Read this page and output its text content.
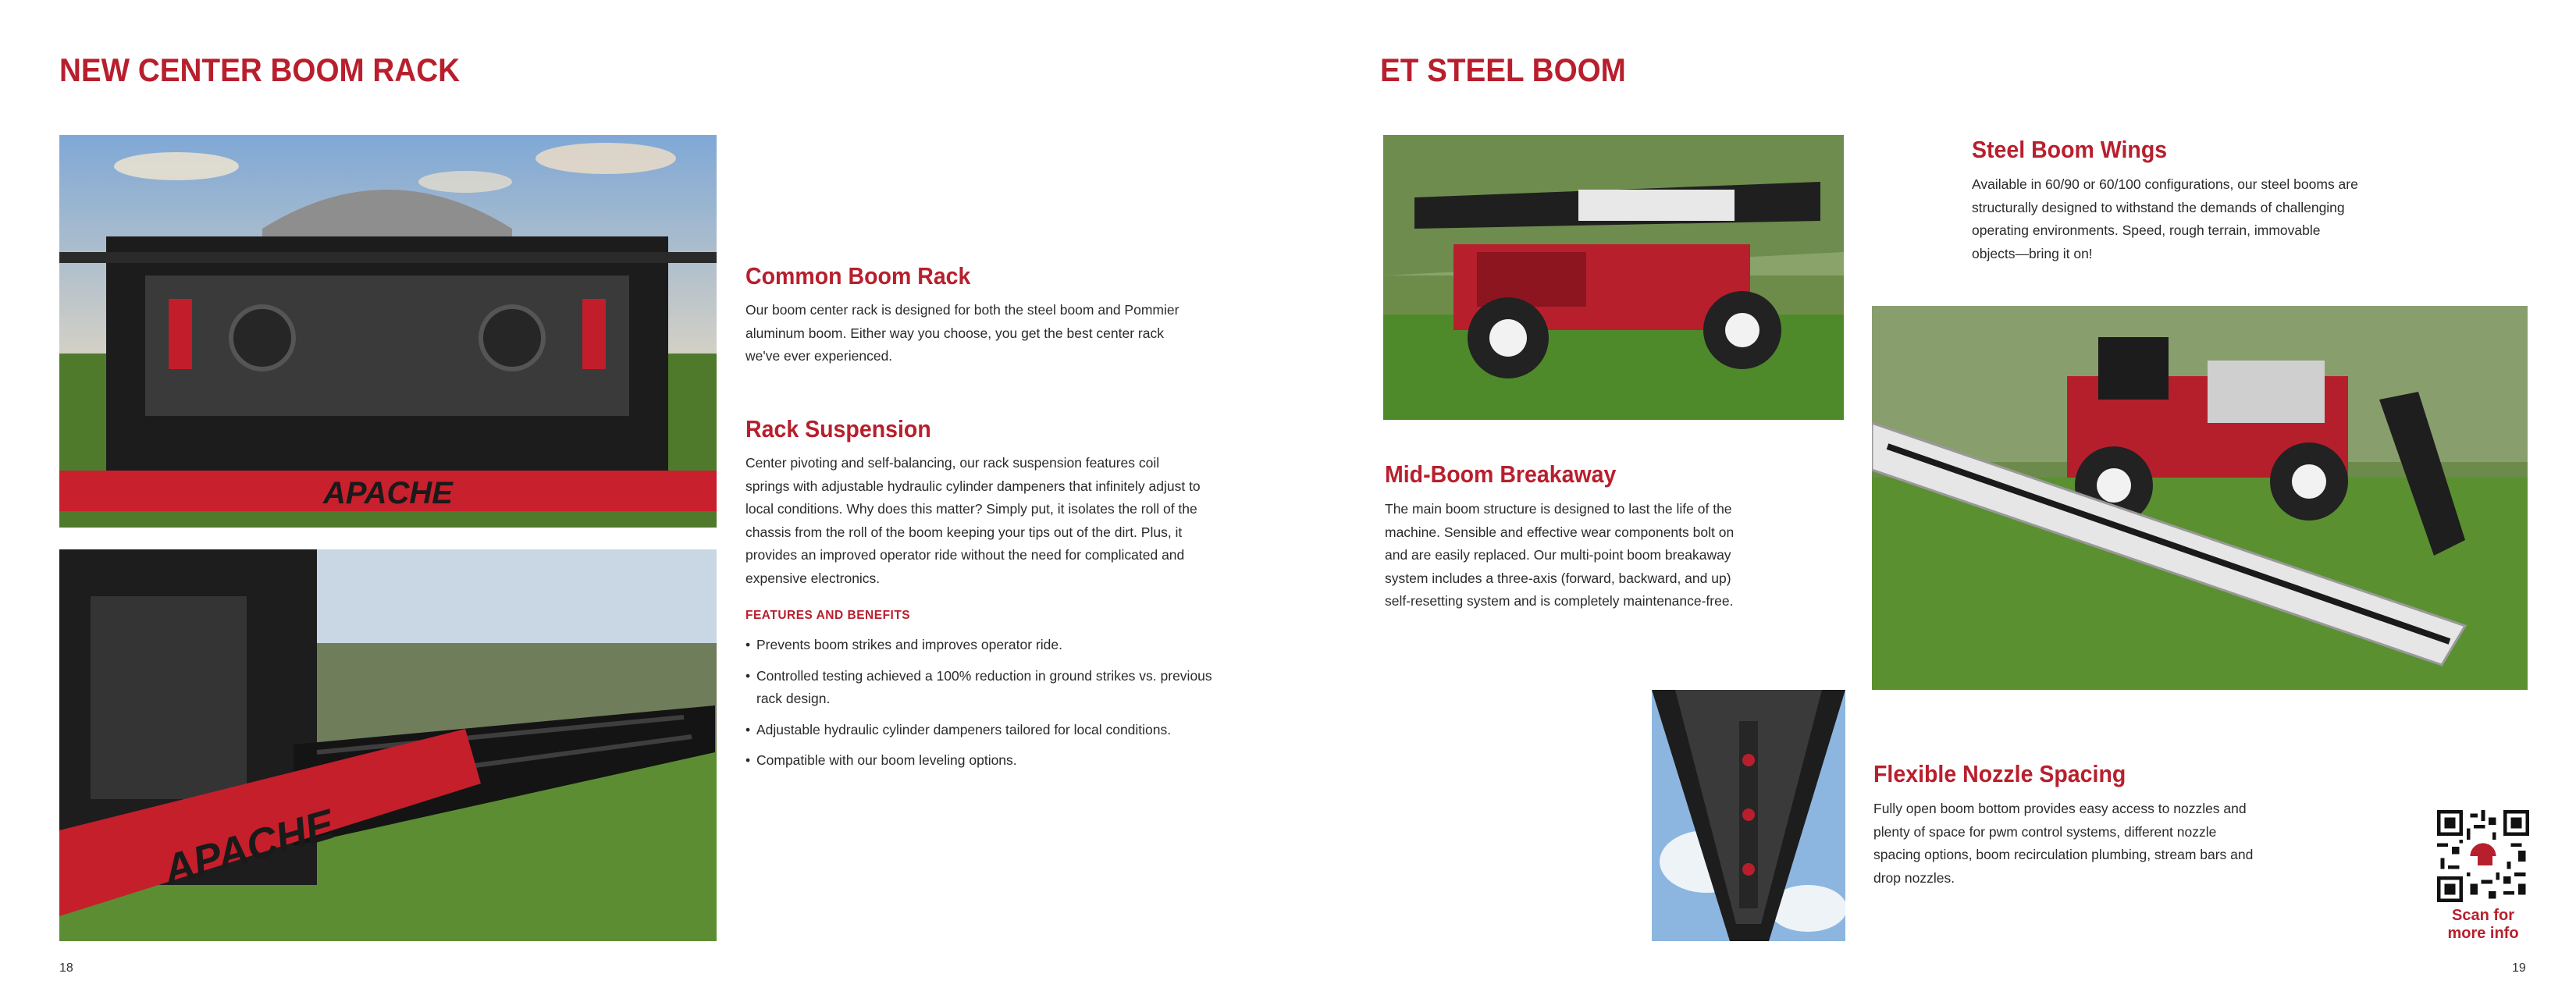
NEW CENTER BOOM RACK
APACHE
APACHE
Common Boom Rack

Our boom center rack is designed for both the steel boom and Pommier aluminum boom. Either way you choose, you get the best center rack we've ever experienced.

Rack Suspension

Center pivoting and self-balancing, our rack suspension features coil springs with adjustable hydraulic cylinder dampeners that infinitely adjust to local conditions. Why does this matter? Simply put, it isolates the roll of the chassis from the roll of the boom keeping your tips out of the dirt. Plus, it provides an improved operator ride without the need for complicated and expensive electronics.

FEATURES AND BENEFITS

• Prevents boom strikes and improves operator ride.
• Controlled testing achieved a 100% reduction in ground strikes vs. previous rack design.
• Adjustable hydraulic cylinder dampeners tailored for local conditions.
• Compatible with our boom leveling options.
18
ET STEEL BOOM
Steel Boom Wings

Available in 60/90 or 60/100 configurations, our steel booms are structurally designed to withstand the demands of challenging operating environments. Speed, rough terrain, immovable objects—bring it on!

Mid-Boom Breakaway

The main boom structure is designed to last the life of the machine. Sensible and effective wear components bolt on and are easily replaced. Our multi-point boom breakaway system includes a three-axis (forward, backward, and up) self-resetting system and is completely maintenance-free.

Flexible Nozzle Spacing

Fully open boom bottom provides easy access to nozzles and plenty of space for pwm control systems, different nozzle spacing options, boom recirculation plumbing, stream bars and drop nozzles.

Scan for
more info
19
